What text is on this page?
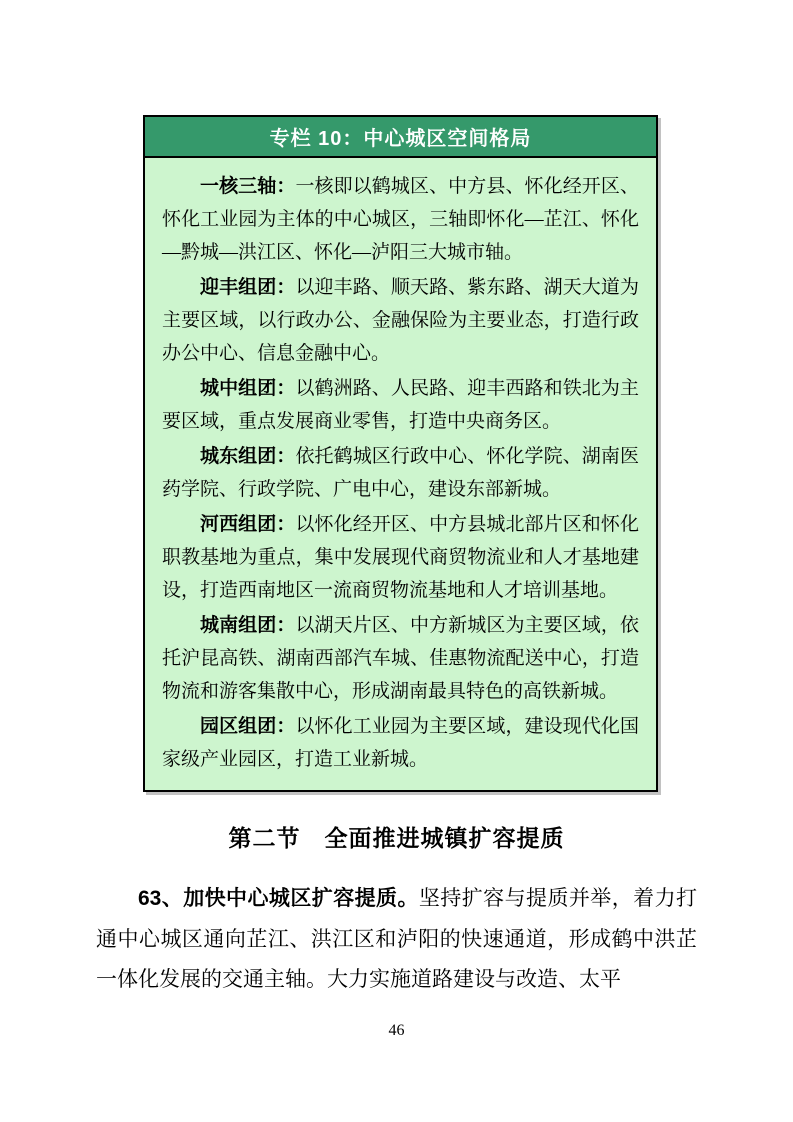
专栏 10：中心城区空间格局

一核三轴：一核即以鹤城区、中方县、怀化经开区、怀化工业园为主体的中心城区，三轴即怀化—芷江、怀化—黔城—洪江区、怀化—泸阳三大城市轴。

迎丰组团：以迎丰路、顺天路、紫东路、湖天大道为主要区域，以行政办公、金融保险为主要业态，打造行政办公中心、信息金融中心。

城中组团：以鹤洲路、人民路、迎丰西路和铁北为主要区域，重点发展商业零售，打造中央商务区。

城东组团：依托鹤城区行政中心、怀化学院、湖南医药学院、行政学院、广电中心，建设东部新城。

河西组团：以怀化经开区、中方县城北部片区和怀化职教基地为重点，集中发展现代商贸物流业和人才基地建设，打造西南地区一流商贸物流基地和人才培训基地。

城南组团：以湖天片区、中方新城区为主要区域，依托沪昆高铁、湖南西部汽车城、佳惠物流配送中心，打造物流和游客集散中心，形成湖南最具特色的高铁新城。

园区组团：以怀化工业园为主要区域，建设现代化国家级产业园区，打造工业新城。

第二节　全面推进城镇扩容提质

63、加快中心城区扩容提质。坚持扩容与提质并举，着力打通中心城区通向芷江、洪江区和泸阳的快速通道，形成鹤中洪芷一体化发展的交通主轴。大力实施道路建设与改造、太平

46
